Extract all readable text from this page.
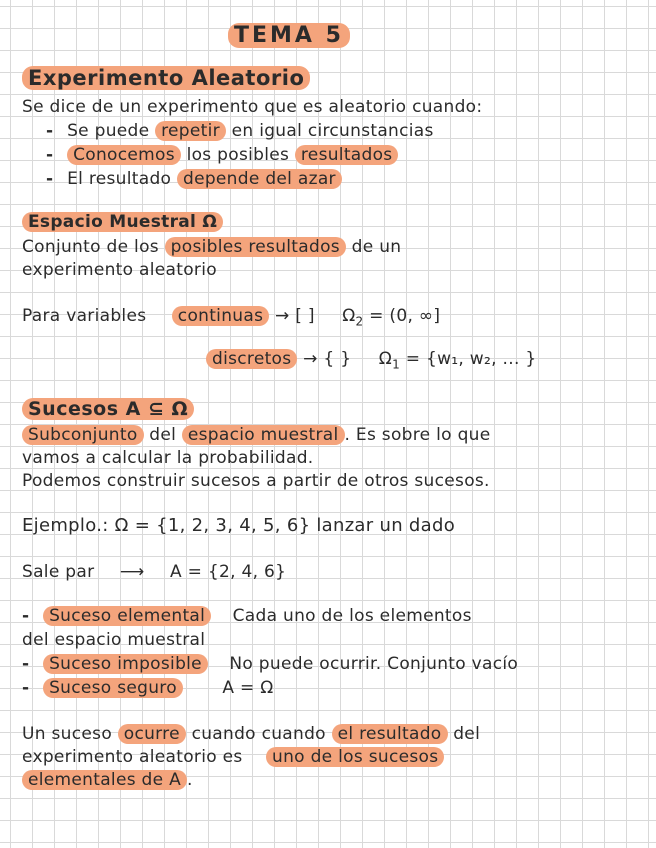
TEMA 5
Experimento Aleatorio
Se dice de un experimento que es aleatorio cuando:
- Se puede repetir en igual circunstancias
- Conocemos los posibles resultados
- El resultado depende del azar
Espacio Muestral Ω
Conjunto de los posibles resultados de un
experimento aleatorio
Para variables continuas → [ ] $\Omega_2 = (0$, ∞]
discretos → { } $\Omega_1 = \{w_1$, w₂, ... }
Sucesos A ⊆ Ω
Subconjunto del espacio muestral . Es sobre lo que
vamos a calcular la probabilidad.
Podemos construir sucesos a partir de otros sucesos.
Ejemplo.: Ω = {1, 2, 3, 4, 5, 6} lanzar un dado
Sale par ⟶ A = {2, 4, 6}
- Suceso elemental Cada uno de los elementos
del espacio muestral
- Suceso imposible No puede ocurrir. Conjunto vacío
- Suceso seguro	A = Ω
Un suceso ocurre cuando cuando el resultado del
experimento aleatorio es uno de los sucesos
elementales de A .
